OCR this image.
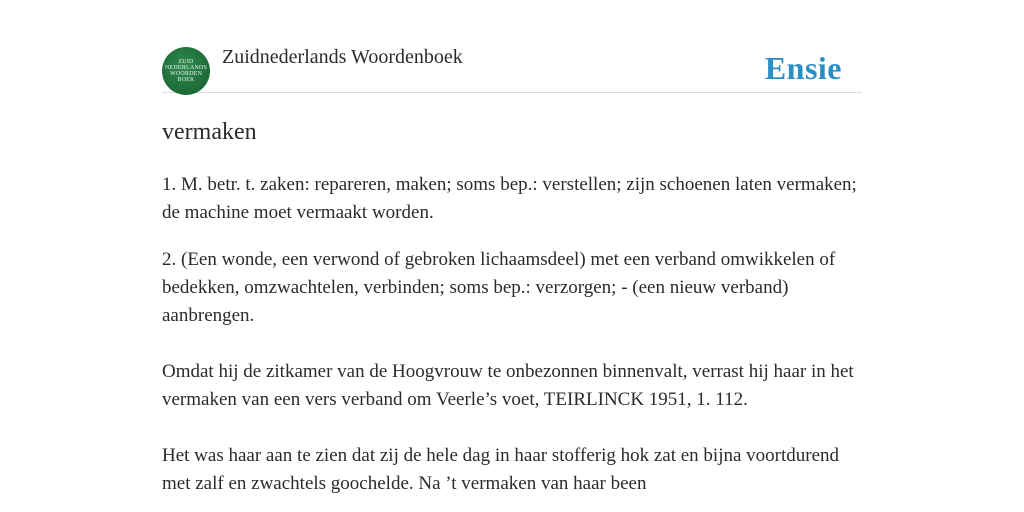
ZUID
NEDERLANDS
WOORDEN
BOEK
Zuidnederlands Woordenboek	Ensie
vermaken

1. M. betr. t. zaken: repareren, maken; soms bep.: verstellen; zijn schoenen laten vermaken; de machine moet vermaakt worden.

2. (Een wonde, een verwond of gebroken lichaamsdeel) met een verband omwikkelen of bedekken, omzwachtelen, verbinden; soms bep.: verzorgen; - (een nieuw verband) aanbrengen.

Omdat hij de zitkamer van de Hoogvrouw te onbezonnen binnenvalt, verrast hij haar in het vermaken van een vers verband om Veerle’s voet, TEIRLINCK 1951, 1. 112.

Het was haar aan te zien dat zij de hele dag in haar stofferig hok zat en bijna voortdurend met zalf en zwachtels goochelde. Na ’t vermaken van haar been
